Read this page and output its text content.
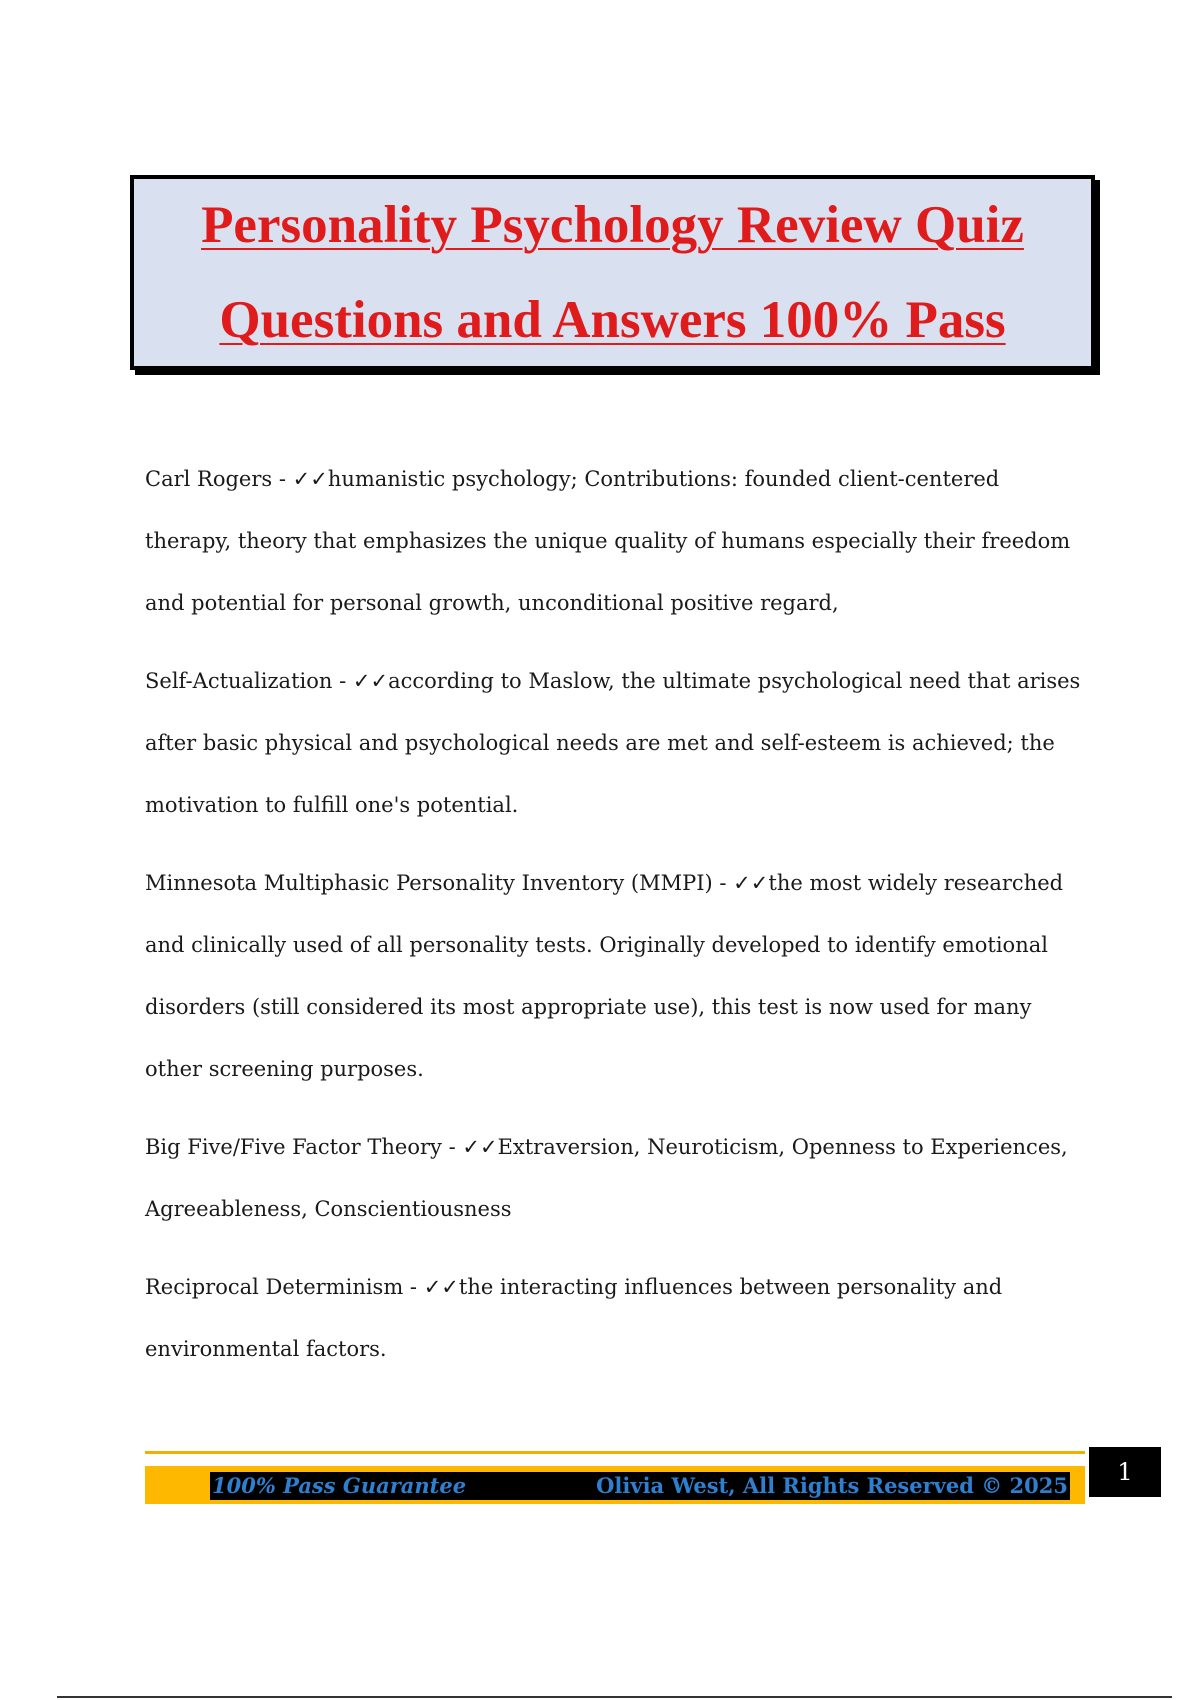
Personality Psychology Review Quiz
Questions and Answers 100% Pass

Carl Rogers - ✓✓humanistic psychology; Contributions: founded client-centered therapy, theory that emphasizes the unique quality of humans especially their freedom and potential for personal growth, unconditional positive regard,

Self-Actualization - ✓✓according to Maslow, the ultimate psychological need that arises after basic physical and psychological needs are met and self-esteem is achieved; the motivation to fulfill one's potential.

Minnesota Multiphasic Personality Inventory (MMPI) - ✓✓the most widely researched and clinically used of all personality tests. Originally developed to identify emotional disorders (still considered its most appropriate use), this test is now used for many other screening purposes.

Big Five/Five Factor Theory - ✓✓Extraversion, Neuroticism, Openness to Experiences, Agreeableness, Conscientiousness

Reciprocal Determinism - ✓✓the interacting influences between personality and environmental factors.

100% Pass Guarantee	Olivia West, All Rights Reserved © 2025	1
